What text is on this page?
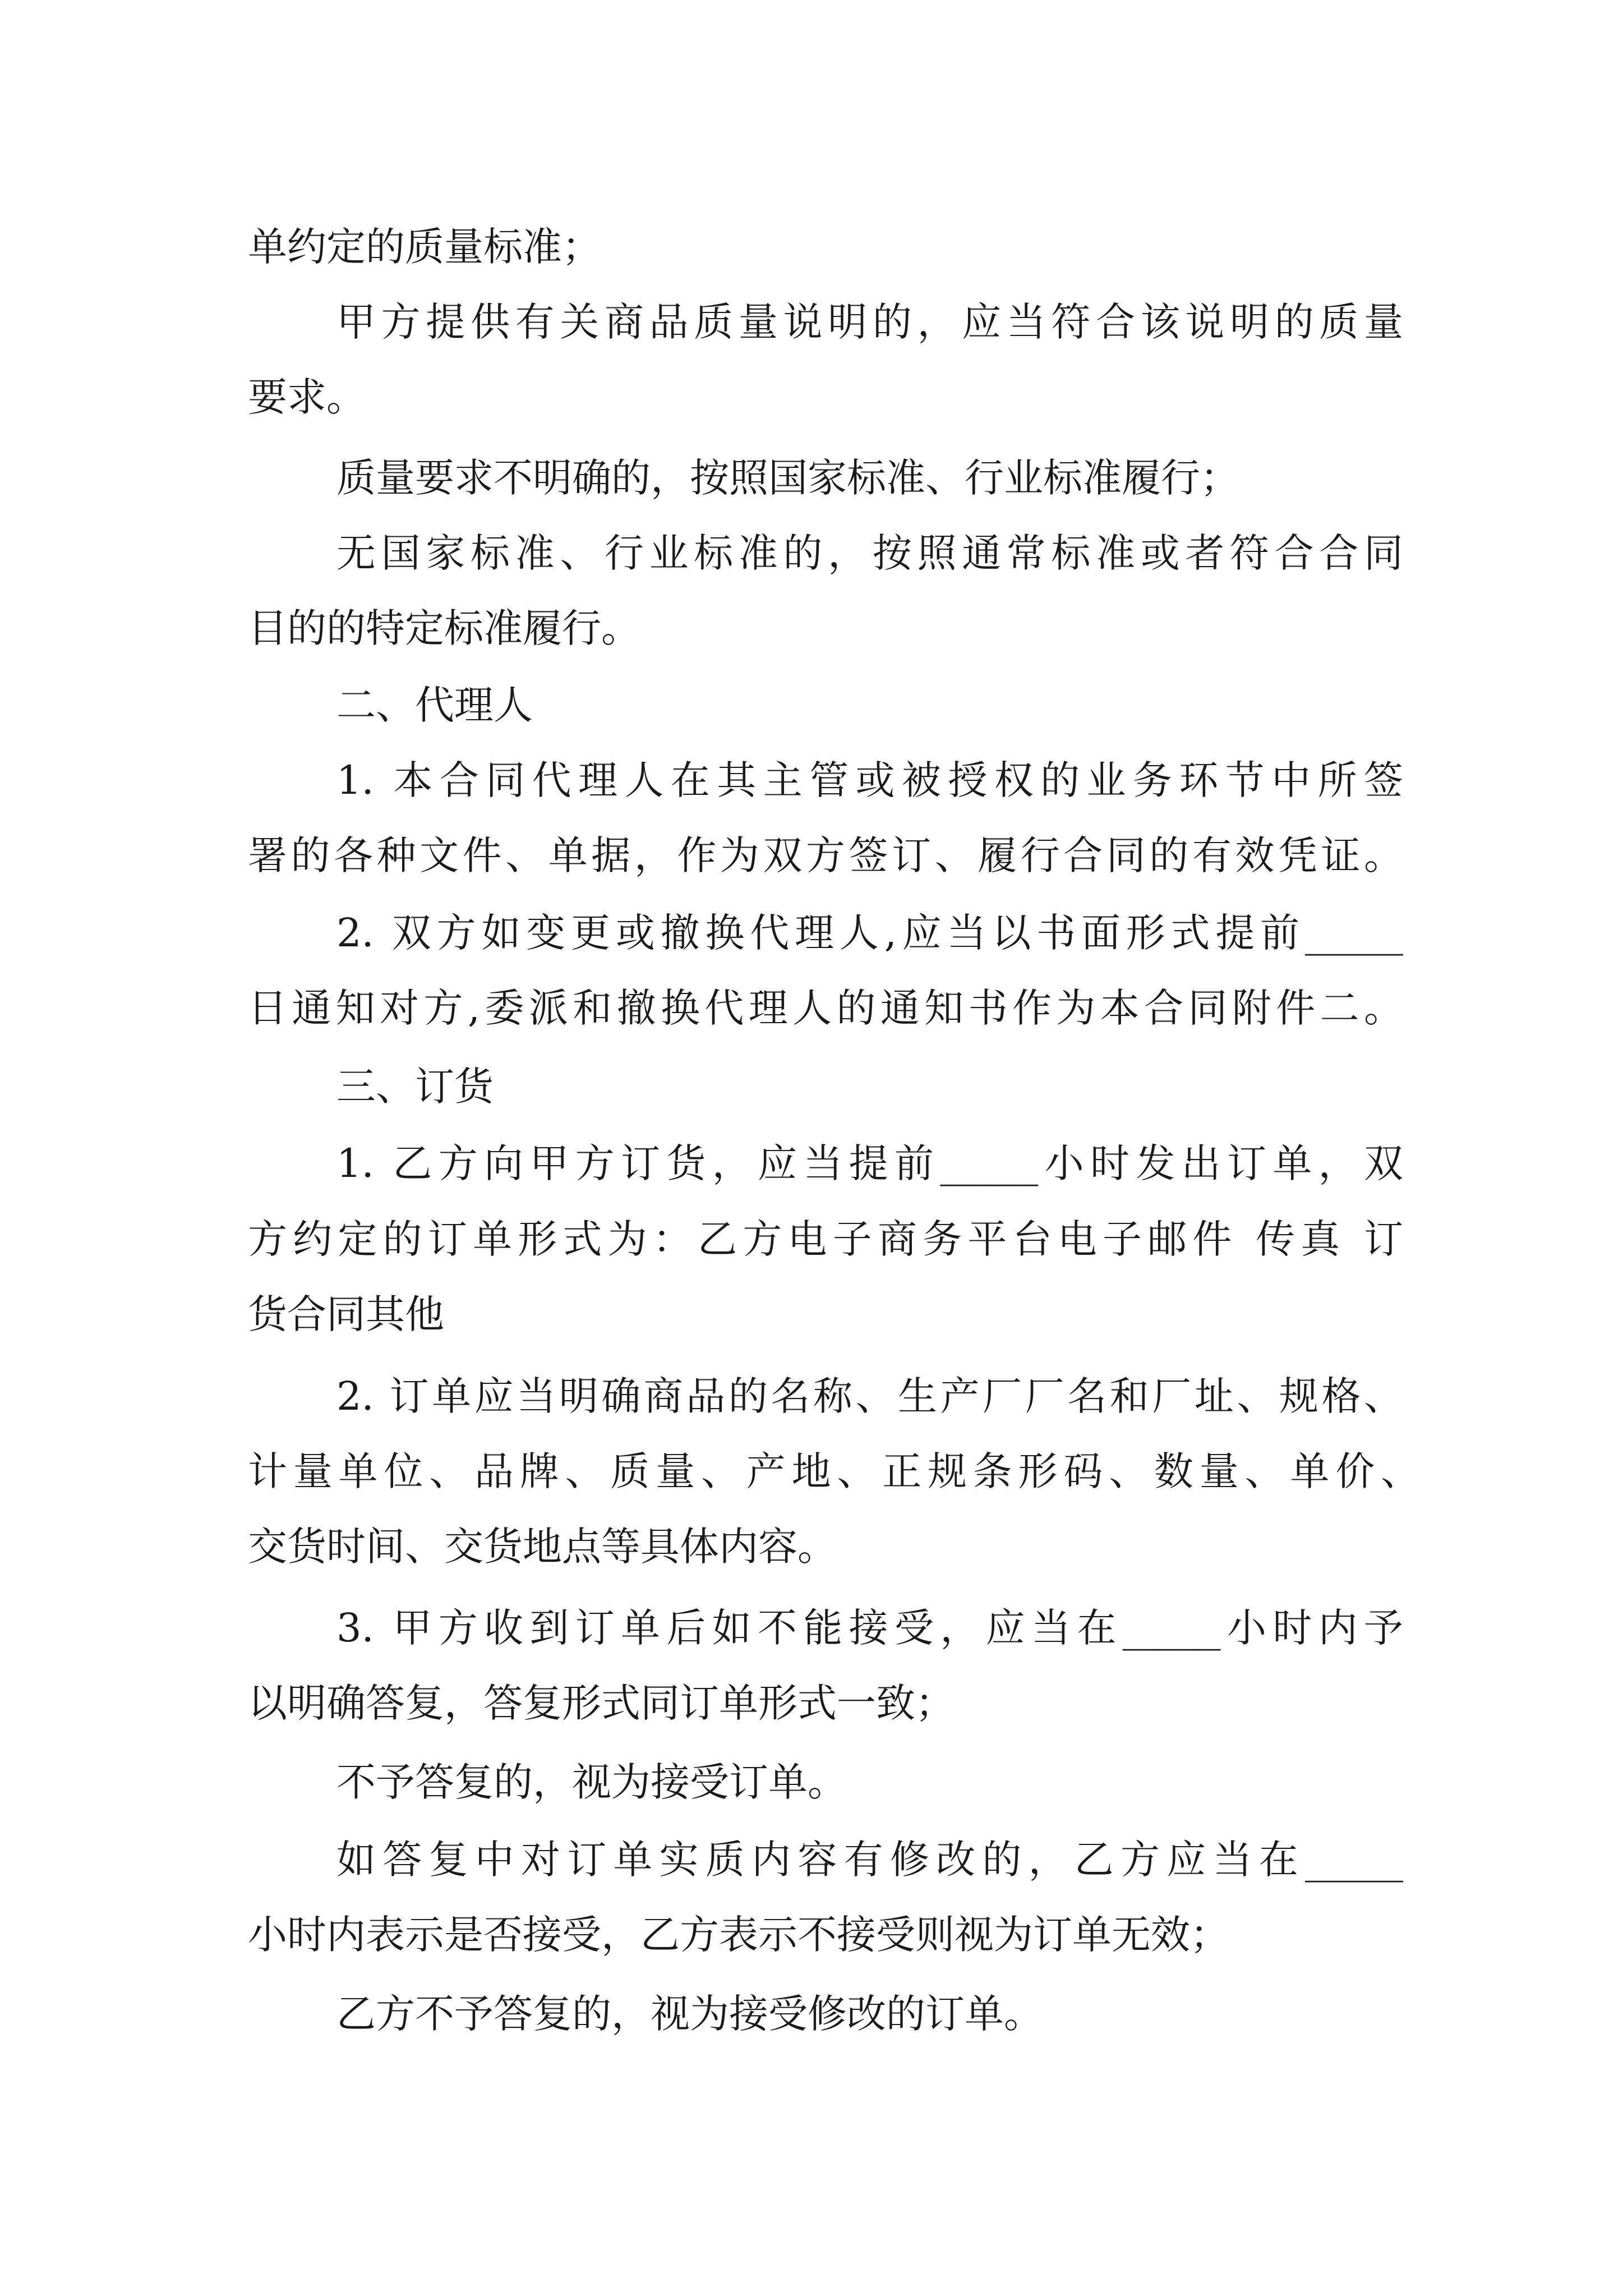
单约定的质量标准；
甲方提供有关商品质量说明的，应当符合该说明的质量
要求。
质量要求不明确的，按照国家标准、行业标准履行；
无国家标准、行业标准的，按照通常标准或者符合合同
目的的特定标准履行。
二、代理人
1. 本合同代理人在其主管或被授权的业务环节中所签
署的各种文件、单据，作为双方签订、履行合同的有效凭证。
2. 双方如变更或撤换代理人,应当以书面形式提前_____
日通知对方,委派和撤换代理人的通知书作为本合同附件二。
三、订货
1. 乙方向甲方订货，应当提前_____小时发出订单，双
方约定的订单形式为：乙方电子商务平台电子邮件 传真 订
货合同其他
2. 订单应当明确商品的名称、生产厂厂名和厂址、规格、
计量单位、品牌、质量、产地、正规条形码、数量、单价、
交货时间、交货地点等具体内容。
3. 甲方收到订单后如不能接受，应当在_____小时内予
以明确答复，答复形式同订单形式一致；
不予答复的，视为接受订单。
如答复中对订单实质内容有修改的，乙方应当在_____
小时内表示是否接受，乙方表示不接受则视为订单无效；
乙方不予答复的，视为接受修改的订单。
